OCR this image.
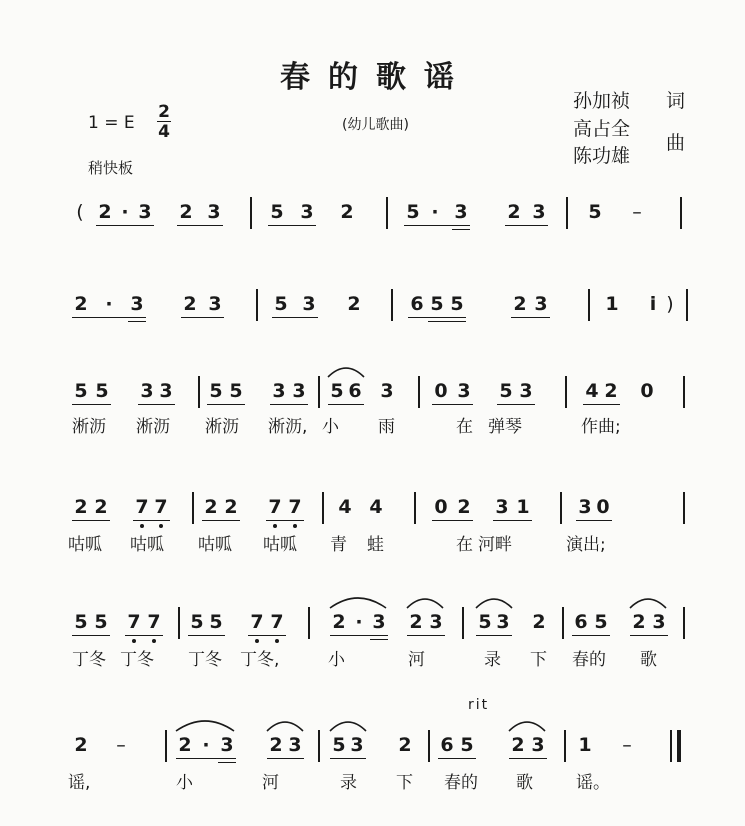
春的歌谣
孙加祯 词
高占全
陈功雄
曲
1 = E
2
4	(幼儿歌曲)
稍快板
( 2 · 3 2 3	5 3 2	5 · 3 2 3 5 –
2 · 3 2 3	5 3 2	6 5 5	2 3	1	i )
5 5 3 3 5 5 3 3 5 6 3 0 3 5 3	4 2 0
淅沥 淅沥 淅沥 淅沥, 小 雨	在 弹琴	作曲;
2 2 7 7 2 2 7 7 4 4	0 2 3 1	3 0
咕呱 咕呱 咕呱 咕呱 青 蛙	在 河畔	演出;
5 5 7 7 5 5 7 7	2 · 3 2 3 5 3 2 6 5 2 3
丁冬 丁冬 丁冬 丁冬,	小	河	录 下 春的 歌
rit
2 –	2 · 3 2 3 5 3 2 6 5 2 3 1 –
谣,	小	河	录 下 春的 歌	谣。
